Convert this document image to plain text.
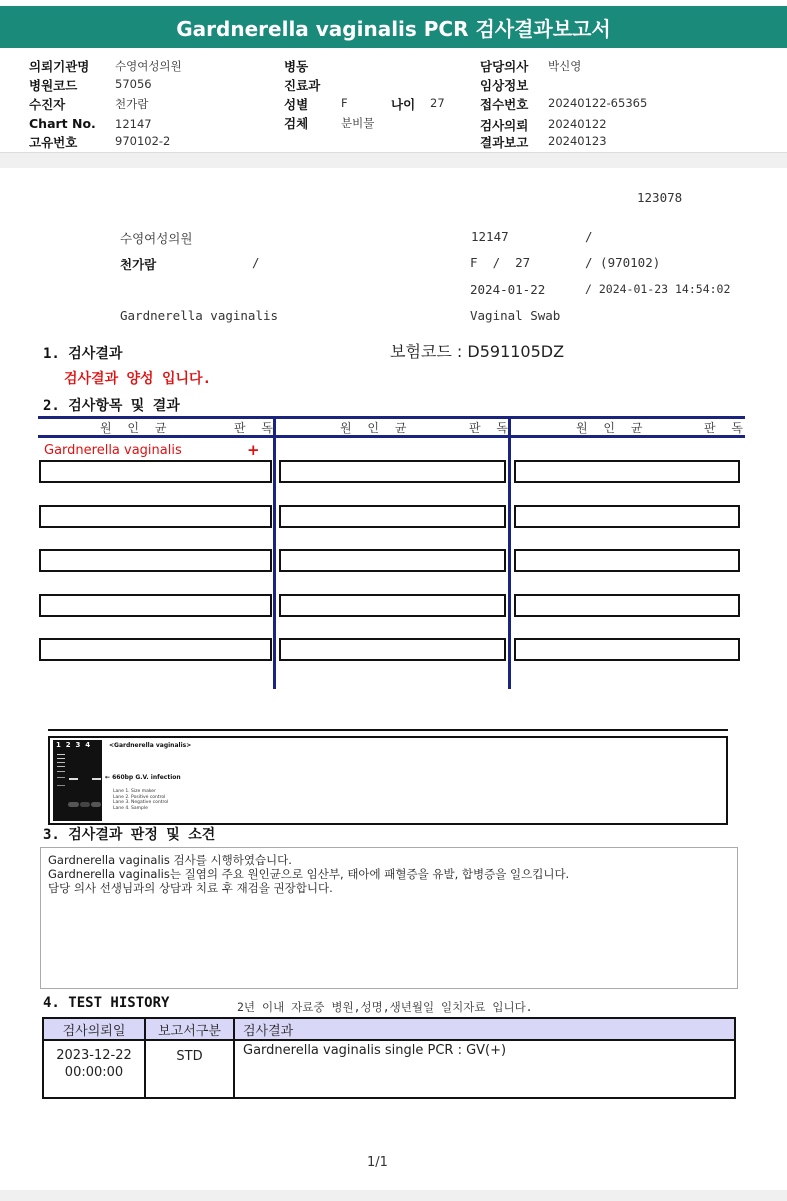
Gardnerella vaginalis PCR 검사결과보고서
의뢰기관명 수영여성의원
병원코드	57056
수진자	천가람
Chart No. 12147
고유번호	970102-2
병동
진료과
성별	F	나이 27
검체	분비물
담당의사 박신영
임상정보
접수번호 20240122-65365
검사의뢰 20240122
결과보고 20240123
123078
수영여성의원	12147	/
천가람	/	F  /  27	/ (970102)
2024-01-22	/ 2024-01-23 14:54:02
Gardnerella vaginalis	Vaginal Swab
1. 검사결과	보험코드 : D591105DZ
검사결과 양성 입니다.
2. 검사항목 및 결과
원 인 균	판 독	원 인 균	판 독	원 인 균	판 독
Gardnerella vaginalis	+
1  2  3  4	<Gardnerella vaginalis>
← 660bp G.V. infection
Lane 1. Size maker
Lane 2. Positive control
Lane 3. Negative control
Lane 4. Sample
3. 검사결과 판정 및 소견
Gardnerella vaginalis 검사를 시행하였습니다.
Gardnerella vaginalis는 질염의 주요 원인균으로 임산부, 태아에 패혈증을 유발, 합병증을 일으킵니다.
담당 의사 선생님과의 상담과 치료 후 재검을 권장합니다.
4. TEST HISTORY	2년 이내 자료중 병원,성명,생년월일 일치자료 입니다.
검사의뢰일	보고서구분	검사결과

2023-12-22
00:00:00	STD	Gardnerella vaginalis single PCR : GV(+)
1/1
